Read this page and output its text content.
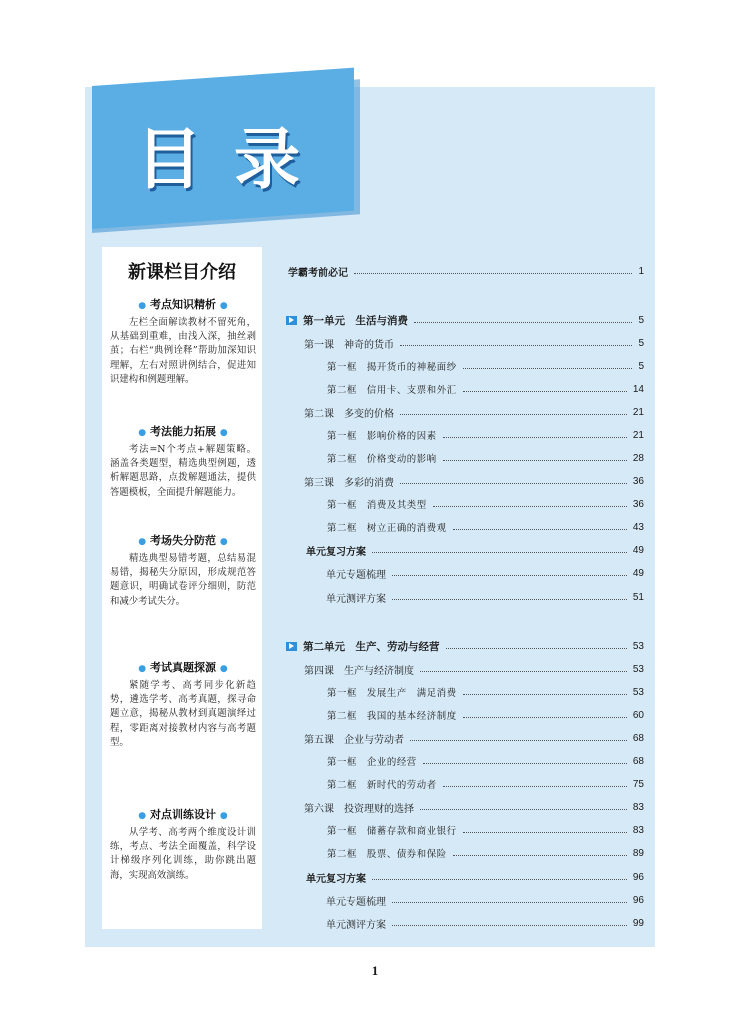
目录
新课栏目介绍
● 考点知识精析 ●
左栏全面解读教材不留死角，从基础到重难，由浅入深，抽丝剥茧；右栏“典例诠释”帮助加深知识理解，左右对照讲例结合，促进知识建构和例题理解。
● 考法能力拓展 ●
考法=N个考点+解题策略。涵盖各类题型，精选典型例题，透析解题思路，点拨解题通法，提供答题模板，全面提升解题能力。
● 考场失分防范 ●
精选典型易错考题，总结易混易错，揭秘失分原因，形成规范答题意识，明确试卷评分细则，防范和减少考试失分。
● 考试真题探源 ●
紧随学考、高考同步化新趋势，遴选学考、高考真题，探寻命题立意，揭秘从教材到真题演绎过程，零距离对接教材内容与高考题型。
● 对点训练设计 ●
从学考、高考两个维度设计训练，考点、考法全面覆盖，科学设计梯级序列化训练，助你跳出题海，实现高效演练。
学霸考前必记	1
第一单元　生活与消费	5
第一课　神奇的货币	5
第一框　揭开货币的神秘面纱	5
第二框　信用卡、支票和外汇	14
第二课　多变的价格	21
第一框　影响价格的因素	21
第二框　价格变动的影响	28
第三课　多彩的消费	36
第一框　消费及其类型	36
第二框　树立正确的消费观	43
单元复习方案	49
单元专题梳理	49
单元测评方案	51
第二单元　生产、劳动与经营	53
第四课　生产与经济制度	53
第一框　发展生产　满足消费	53
第二框　我国的基本经济制度	60
第五课　企业与劳动者	68
第一框　企业的经营	68
第二框　新时代的劳动者	75
第六课　投资理财的选择	83
第一框　储蓄存款和商业银行	83
第二框　股票、债券和保险	89
单元复习方案	96
单元专题梳理	96
单元测评方案	99
1
